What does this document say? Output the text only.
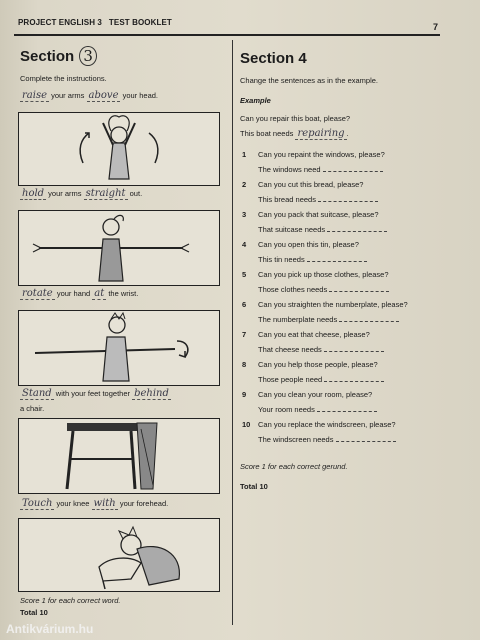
PROJECT ENGLISH 3 TEST BOOKLET	7
Section 3
Complete the instructions.
raise your arms above your head.
hold your arms straight out.
rotate your hand at the wrist.
Stand with your feet together behind
a chair.
Touch your knee with your forehead.
Score 1 for each correct word.
Total 10
Section 4
Change the sentences as in the example.
Example
Can you repair this boat, please?
This boat needs repairing .
1 Can you repaint the windows, please?
The windows need
2 Can you cut this bread, please?
This bread needs
3 Can you pack that suitcase, please?
That suitcase needs
4 Can you open this tin, please?
This tin needs
5 Can you pick up those clothes, please?
Those clothes needs
6 Can you straighten the numberplate, please?
The numberplate needs
7 Can you eat that cheese, please?
That cheese needs
8 Can you help those people, please?
Those people need
9 Can you clean your room, please?
Your room needs
10 Can you replace the windscreen, please?
The windscreen needs
Score 1 for each correct gerund.
Total 10
Antikvárium.hu
